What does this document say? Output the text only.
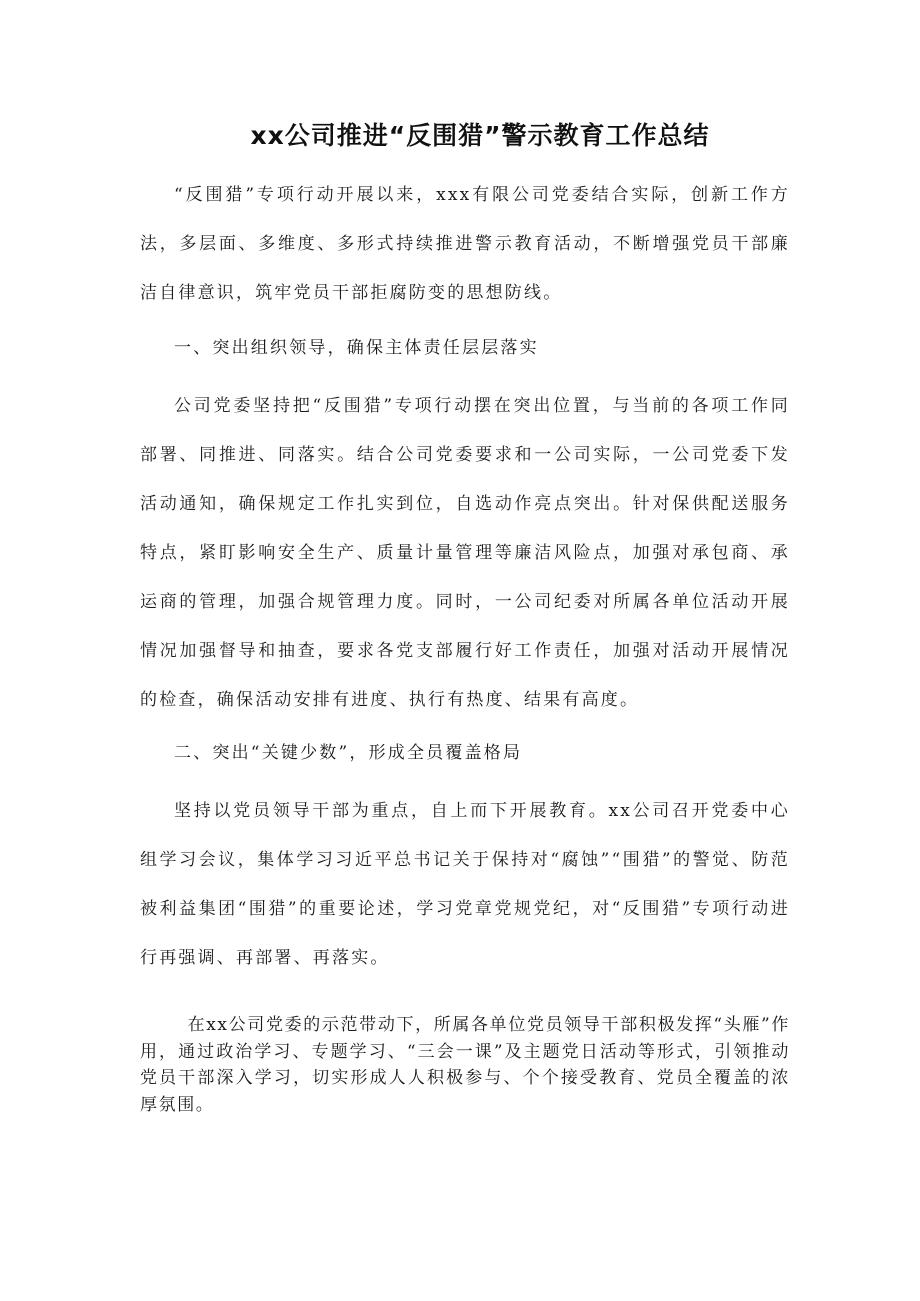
xx公司推进“反围猎”警示教育工作总结

“反围猎”专项行动开展以来，xxx有限公司党委结合实际，创新工作方法，多层面、多维度、多形式持续推进警示教育活动，不断增强党员干部廉洁自律意识，筑牢党员干部拒腐防变的思想防线。

一、突出组织领导，确保主体责任层层落实

公司党委坚持把“反围猎”专项行动摆在突出位置，与当前的各项工作同部署、同推进、同落实。结合公司党委要求和一公司实际，一公司党委下发活动通知，确保规定工作扎实到位，自选动作亮点突出。针对保供配送服务特点，紧盯影响安全生产、质量计量管理等廉洁风险点，加强对承包商、承运商的管理，加强合规管理力度。同时，一公司纪委对所属各单位活动开展情况加强督导和抽查，要求各党支部履行好工作责任，加强对活动开展情况的检查，确保活动安排有进度、执行有热度、结果有高度。

二、突出“关键少数”，形成全员覆盖格局

坚持以党员领导干部为重点，自上而下开展教育。xx公司召开党委中心组学习会议，集体学习习近平总书记关于保持对“腐蚀”“围猎”的警觉、防范被利益集团“围猎”的重要论述，学习党章党规党纪，对“反围猎”专项行动进行再强调、再部署、再落实。

在xx公司党委的示范带动下，所属各单位党员领导干部积极发挥“头雁”作用，通过政治学习、专题学习、“三会一课”及主题党日活动等形式，引领推动党员干部深入学习，切实形成人人积极参与、个个接受教育、党员全覆盖的浓厚氛围。
